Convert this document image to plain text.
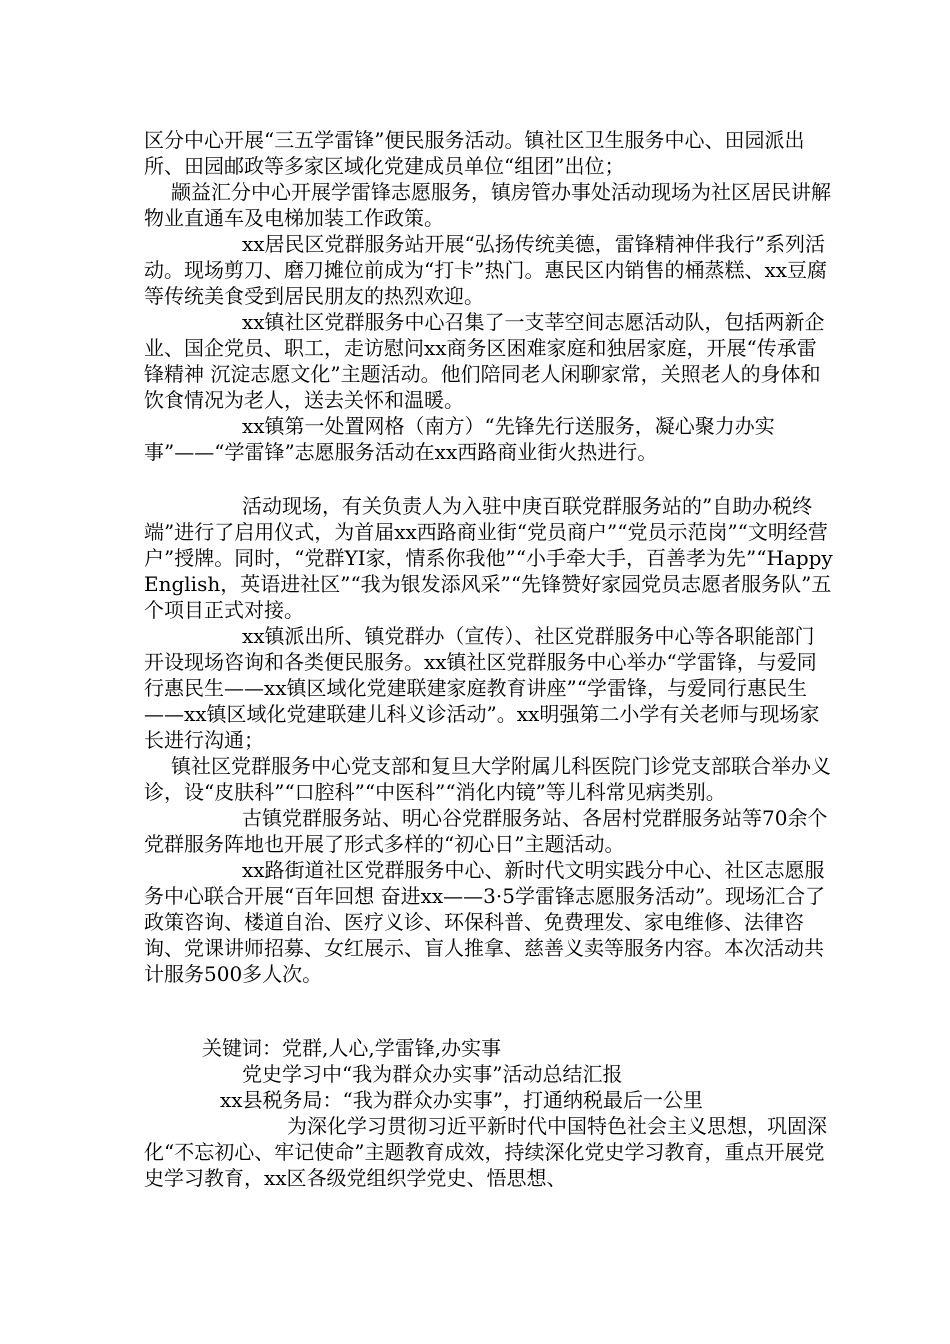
区分中心开展“三五学雷锋”便民服务活动。镇社区卫生服务中心、田园派出所、田园邮政等多家区域化党建成员单位“组团”出位；

颛益汇分中心开展学雷锋志愿服务，镇房管办事处活动现场为社区居民讲解物业直通车及电梯加装工作政策。

xx居民区党群服务站开展“弘扬传统美德，雷锋精神伴我行”系列活动。现场剪刀、磨刀摊位前成为“打卡”热门。惠民区内销售的桶蒸糕、xx豆腐等传统美食受到居民朋友的热烈欢迎。

xx镇社区党群服务中心召集了一支莘空间志愿活动队，包括两新企业、国企党员、职工，走访慰问xx商务区困难家庭和独居家庭，开展“传承雷锋精神 沉淀志愿文化”主题活动。他们陪同老人闲聊家常，关照老人的身体和饮食情况为老人，送去关怀和温暖。

xx镇第一处置网格（南方）“先锋先行送服务，凝心聚力办实事”——“学雷锋”志愿服务活动在xx西路商业街火热进行。

活动现场，有关负责人为入驻中庚百联党群服务站的”自助办税终端”进行了启用仪式，为首届xx西路商业街“党员商户”“党员示范岗”“文明经营户”授牌。同时，“党群YI家，情系你我他”“小手牵大手，百善孝为先”“Happy English，英语进社区”“我为银发添风采”“先锋赞好家园党员志愿者服务队”五个项目正式对接。

xx镇派出所、镇党群办（宣传）、社区党群服务中心等各职能部门开设现场咨询和各类便民服务。xx镇社区党群服务中心举办“学雷锋，与爱同行惠民生——xx镇区域化党建联建家庭教育讲座”“学雷锋，与爱同行惠民生——xx镇区域化党建联建儿科义诊活动”。xx明强第二小学有关老师与现场家长进行沟通；

镇社区党群服务中心党支部和复旦大学附属儿科医院门诊党支部联合举办义诊，设“皮肤科”“口腔科”“中医科”“消化内镜”等儿科常见病类别。

古镇党群服务站、明心谷党群服务站、各居村党群服务站等70余个党群服务阵地也开展了形式多样的“初心日”主题活动。

xx路街道社区党群服务中心、新时代文明实践分中心、社区志愿服务中心联合开展“百年回想 奋进xx——3·5学雷锋志愿服务活动”。现场汇合了政策咨询、楼道自治、医疗义诊、环保科普、免费理发、家电维修、法律咨询、党课讲师招募、女红展示、盲人推拿、慈善义卖等服务内容。本次活动共计服务500多人次。

关键词：党群,人心,学雷锋,办实事

党史学习中“我为群众办实事”活动总结汇报

xx县税务局：“我为群众办实事”，打通纳税最后一公里

为深化学习贯彻习近平新时代中国特色社会主义思想，巩固深化“不忘初心、牢记使命”主题教育成效，持续深化党史学习教育，重点开展党史学习教育，xx区各级党组织学党史、悟思想、
